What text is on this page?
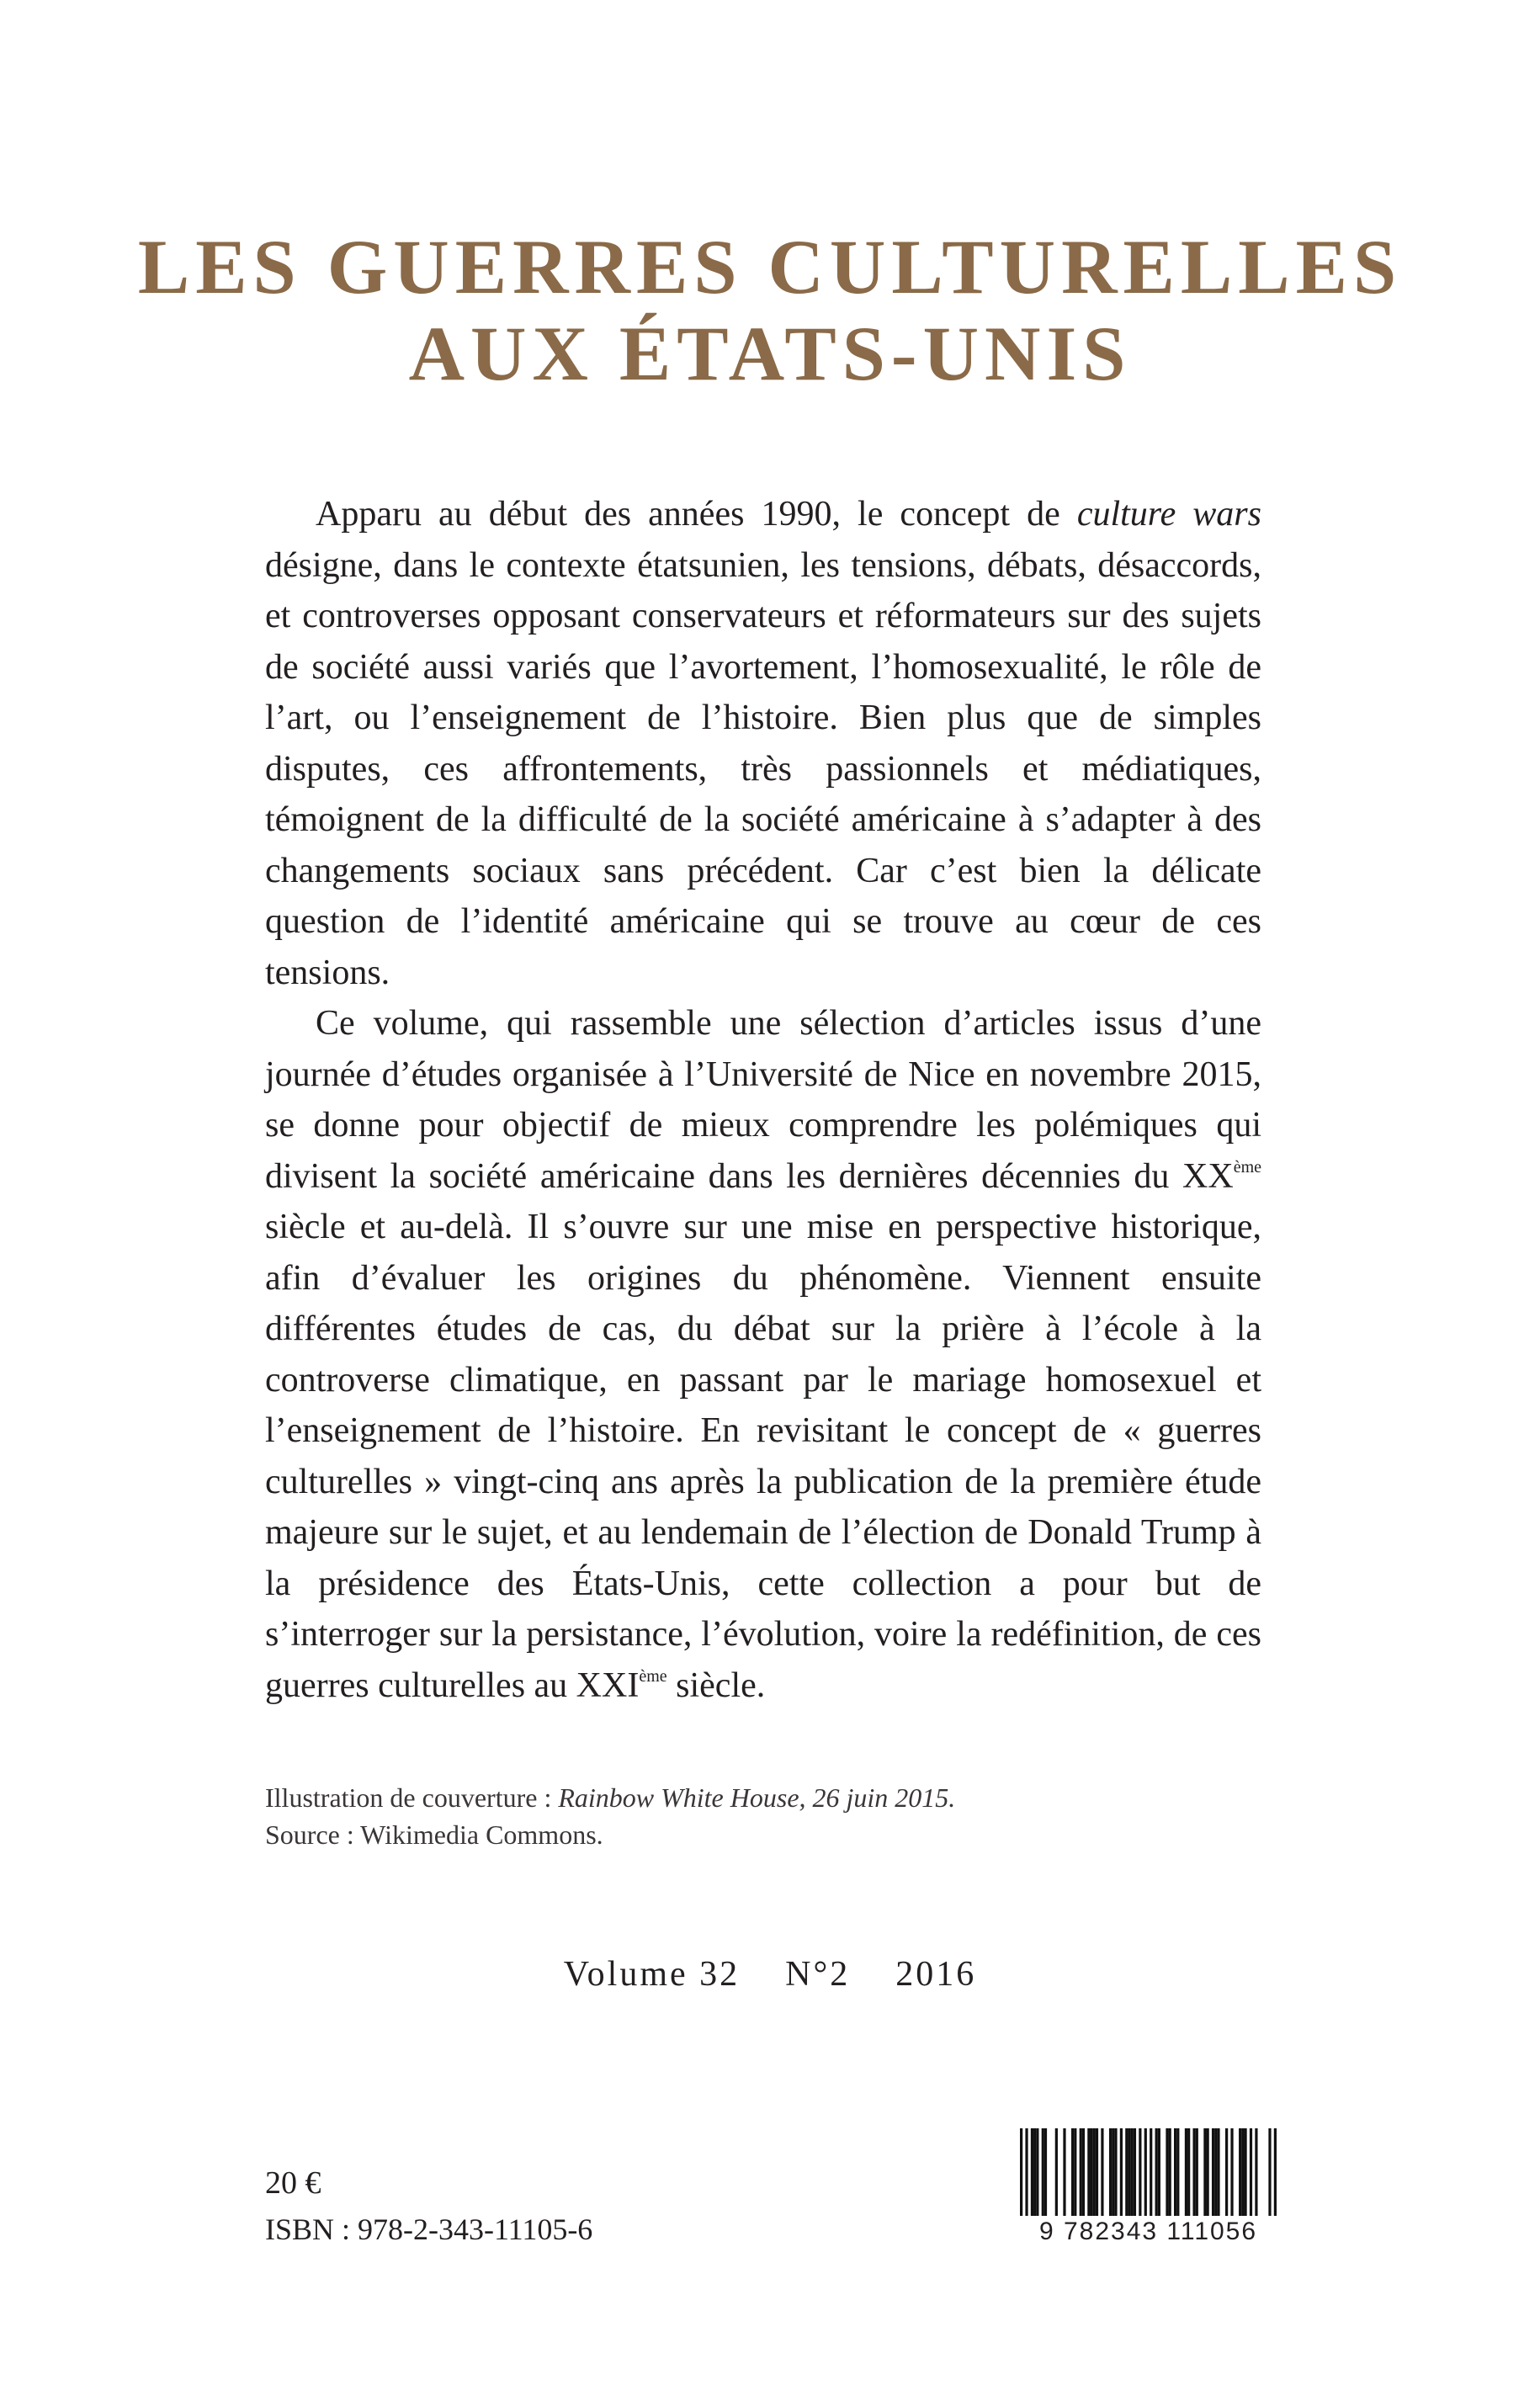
LES GUERRES CULTURELLES
AUX ÉTATS-UNIS

Apparu au début des années 1990, le concept de culture wars désigne, dans le contexte étatsunien, les tensions, débats, désaccords, et controverses opposant conservateurs et réformateurs sur des sujets de société aussi variés que l’avortement, l’homosexualité, le rôle de l’art, ou l’enseignement de l’histoire. Bien plus que de simples disputes, ces affrontements, très passionnels et médiatiques, témoignent de la difficulté de la société américaine à s’adapter à des changements sociaux sans précédent. Car c’est bien la délicate question de l’identité américaine qui se trouve au cœur de ces tensions.

Ce volume, qui rassemble une sélection d’articles issus d’une journée d’études organisée à l’Université de Nice en novembre 2015, se donne pour objectif de mieux comprendre les polémiques qui divisent la société américaine dans les dernières décennies du XXème siècle et au-delà. Il s’ouvre sur une mise en perspective historique, afin d’évaluer les origines du phénomène. Viennent ensuite différentes études de cas, du débat sur la prière à l’école à la controverse climatique, en passant par le mariage homosexuel et l’enseignement de l’histoire. En revisitant le concept de « guerres culturelles » vingt-cinq ans après la publication de la première étude majeure sur le sujet, et au lendemain de l’élection de Donald Trump à la présidence des États-Unis, cette collection a pour but de s’interroger sur la persistance, l’évolution, voire la redéfinition, de ces guerres culturelles au XXIème siècle.

Illustration de couverture : Rainbow White House, 26 juin 2015.
Source : Wikimedia Commons.
Volume 32    N°2    2016
20 €
ISBN : 978-2-343-11105-6	9 782343 111056
